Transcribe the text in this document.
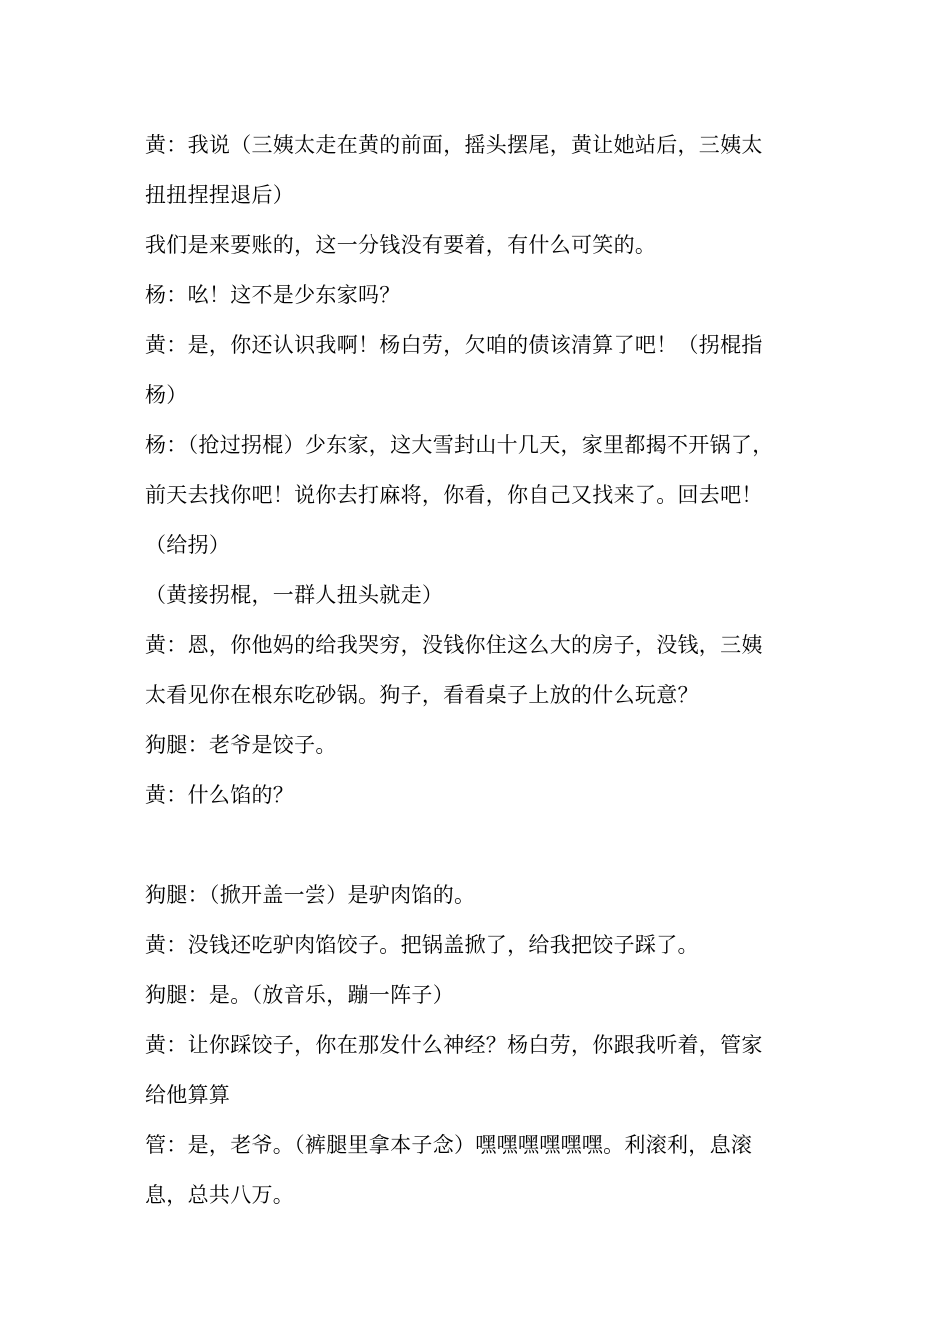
黄：我说（三姨太走在黄的前面，摇头摆尾，黄让她站后，三姨太
扭扭捏捏退后）
我们是来要账的，这一分钱没有要着，有什么可笑的。
杨：吆！这不是少东家吗？
黄：是，你还认识我啊！杨白劳，欠咱的债该清算了吧！（拐棍指
杨）
杨：（抢过拐棍）少东家，这大雪封山十几天，家里都揭不开锅了，
前天去找你吧！说你去打麻将，你看，你自己又找来了。回去吧！
（给拐）
（黄接拐棍，一群人扭头就走）
黄：恩，你他妈的给我哭穷，没钱你住这么大的房子，没钱，三姨
太看见你在根东吃砂锅。狗子，看看桌子上放的什么玩意？
狗腿：老爷是饺子。
黄：什么馅的？
狗腿：（掀开盖一尝）是驴肉馅的。
黄：没钱还吃驴肉馅饺子。把锅盖掀了，给我把饺子踩了。
狗腿：是。（放音乐，蹦一阵子）
黄：让你踩饺子，你在那发什么神经？杨白劳，你跟我听着，管家
给他算算
管：是，老爷。（裤腿里拿本子念）嘿嘿嘿嘿嘿嘿。利滚利，息滚
息，总共八万。
